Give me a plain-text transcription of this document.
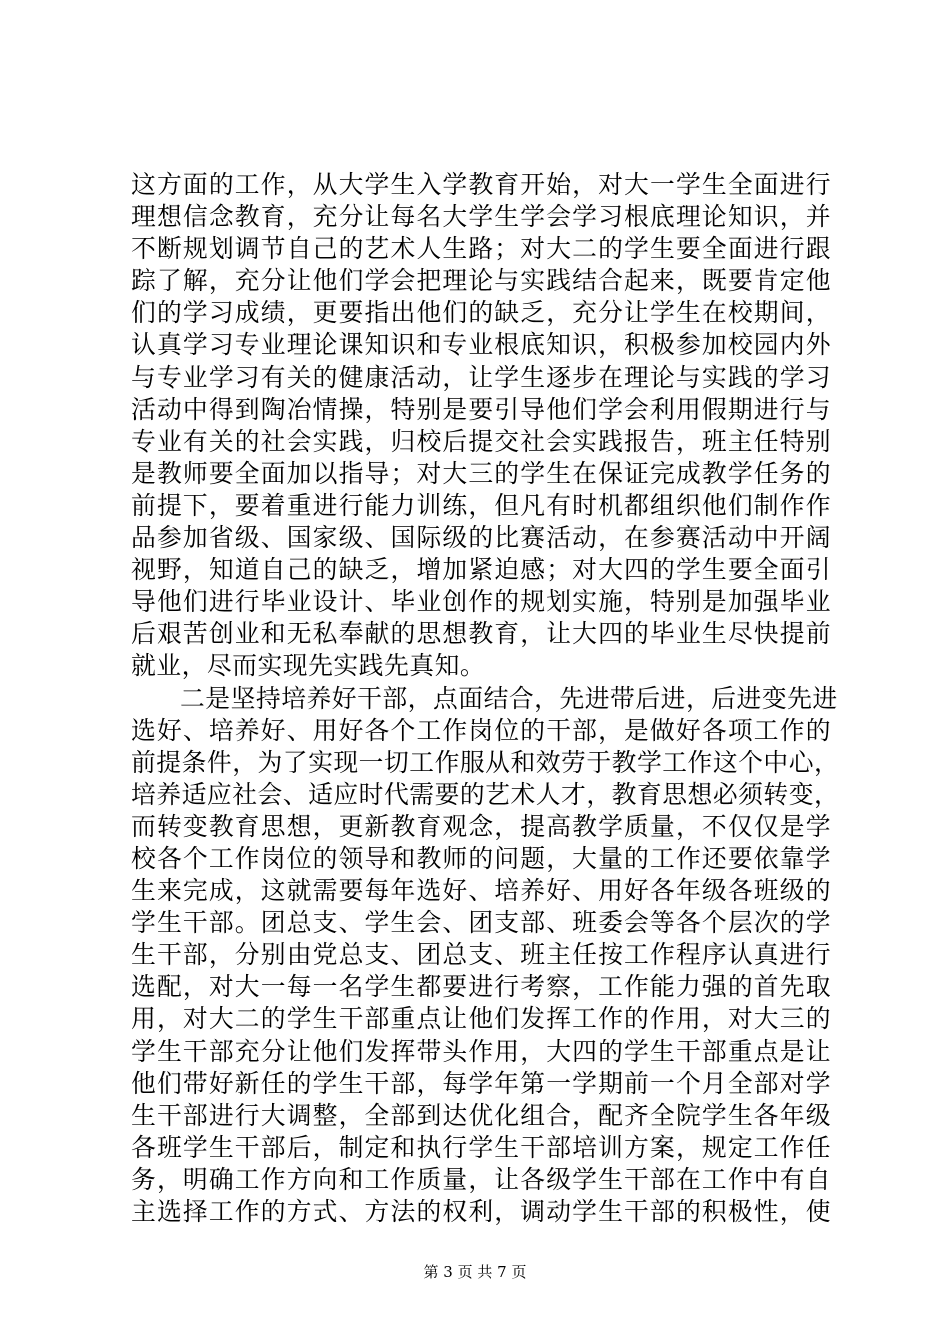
这方面的工作，从大学生入学教育开始，对大一学生全面进行
理想信念教育，充分让每名大学生学会学习根底理论知识，并
不断规划调节自己的艺术人生路；对大二的学生要全面进行跟
踪了解，充分让他们学会把理论与实践结合起来，既要肯定他
们的学习成绩，更要指出他们的缺乏，充分让学生在校期间，
认真学习专业理论课知识和专业根底知识，积极参加校园内外
与专业学习有关的健康活动，让学生逐步在理论与实践的学习
活动中得到陶冶情操，特别是要引导他们学会利用假期进行与
专业有关的社会实践，归校后提交社会实践报告，班主任特别
是教师要全面加以指导；对大三的学生在保证完成教学任务的
前提下，要着重进行能力训练，但凡有时机都组织他们制作作
品参加省级、国家级、国际级的比赛活动，在参赛活动中开阔
视野，知道自己的缺乏，增加紧迫感；对大四的学生要全面引
导他们进行毕业设计、毕业创作的规划实施，特别是加强毕业
后艰苦创业和无私奉献的思想教育，让大四的毕业生尽快提前
就业，尽而实现先实践先真知。
二是坚持培养好干部，点面结合，先进带后进，后进变先进
选好、培养好、用好各个工作岗位的干部，是做好各项工作的
前提条件，为了实现一切工作服从和效劳于教学工作这个中心，
培养适应社会、适应时代需要的艺术人才，教育思想必须转变，
而转变教育思想，更新教育观念，提高教学质量，不仅仅是学
校各个工作岗位的领导和教师的问题，大量的工作还要依靠学
生来完成，这就需要每年选好、培养好、用好各年级各班级的
学生干部。团总支、学生会、团支部、班委会等各个层次的学
生干部，分别由党总支、团总支、班主任按工作程序认真进行
选配，对大一每一名学生都要进行考察，工作能力强的首先取
用，对大二的学生干部重点让他们发挥工作的作用，对大三的
学生干部充分让他们发挥带头作用，大四的学生干部重点是让
他们带好新任的学生干部，每学年第一学期前一个月全部对学
生干部进行大调整，全部到达优化组合，配齐全院学生各年级
各班学生干部后，制定和执行学生干部培训方案，规定工作任
务，明确工作方向和工作质量，让各级学生干部在工作中有自
主选择工作的方式、方法的权利，调动学生干部的积极性，使
第 3 页 共 7 页
